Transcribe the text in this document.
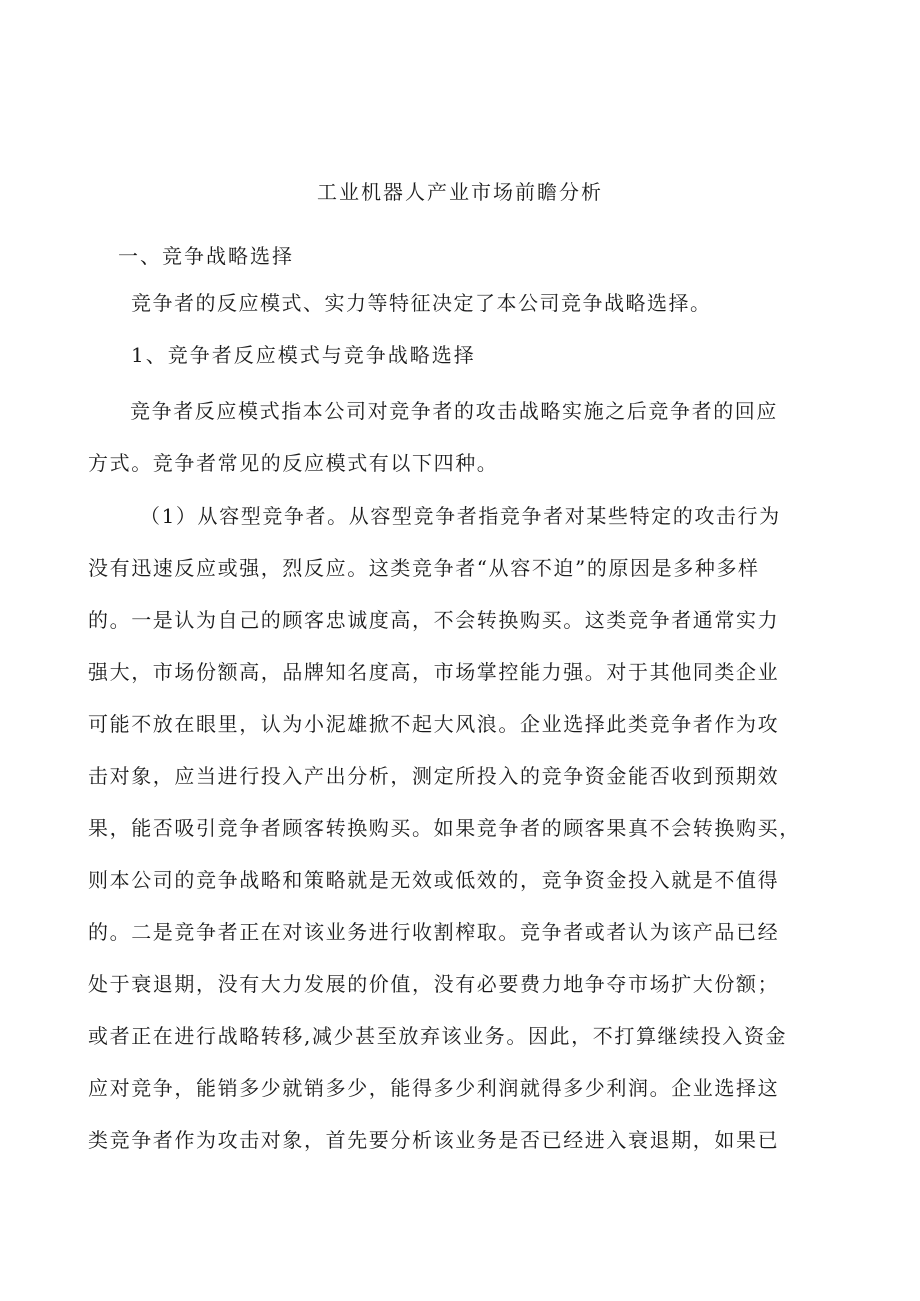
工业机器人产业市场前瞻分析
一、竞争战略选择
竞争者的反应模式、实力等特征决定了本公司竞争战略选择。
1、竞争者反应模式与竞争战略选择
竞争者反应模式指本公司对竞争者的攻击战略实施之后竞争者的回应
方式。竞争者常见的反应模式有以下四种。
（1）从容型竞争者。从容型竞争者指竞争者对某些特定的攻击行为
没有迅速反应或强，烈反应。这类竞争者“从容不迫”的原因是多种多样
的。一是认为自己的顾客忠诚度高，不会转换购买。这类竞争者通常实力
强大，市场份额高，品牌知名度高，市场掌控能力强。对于其他同类企业
可能不放在眼里，认为小泥雄掀不起大风浪。企业选择此类竞争者作为攻
击对象，应当进行投入产出分析，测定所投入的竞争资金能否收到预期效
果，能否吸引竞争者顾客转换购买。如果竞争者的顾客果真不会转换购买，
则本公司的竞争战略和策略就是无效或低效的，竞争资金投入就是不值得
的。二是竞争者正在对该业务进行收割榨取。竞争者或者认为该产品已经
处于衰退期，没有大力发展的价值，没有必要费力地争夺市场扩大份额；
或者正在进行战略转移,减少甚至放弃该业务。因此，不打算继续投入资金
应对竞争，能销多少就销多少，能得多少利润就得多少利润。企业选择这
类竞争者作为攻击对象，首先要分析该业务是否已经进入衰退期，如果已
